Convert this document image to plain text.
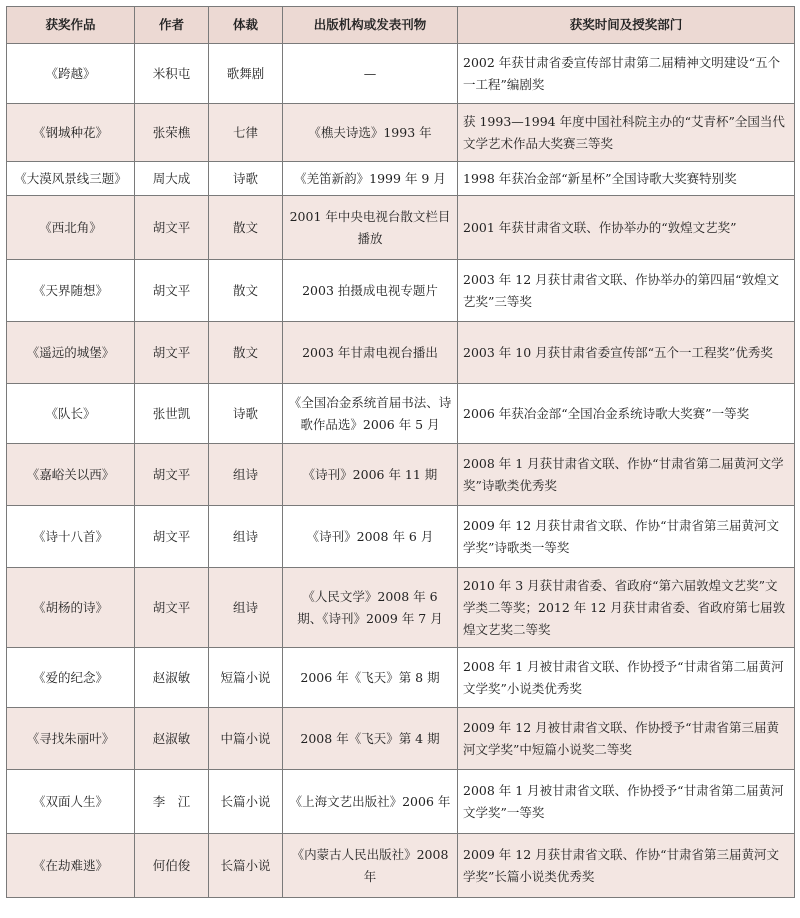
获奖作品	作者	体裁	出版机构或发表刊物	获奖时间及授奖部门
《跨越》	米积屯	歌舞剧	—	2002 年获甘肃省委宣传部甘肃第二届精神文明建设“五个一工程”编剧奖
《钢城种花》	张荣樵	七律	《樵夫诗选》1993 年	获 1993—1994 年度中国社科院主办的“艾青杯”全国当代文学艺术作品大奖赛三等奖
《大漠风景线三题》	周大成	诗歌	《羌笛新韵》1999 年 9 月	1998 年获冶金部“新星杯”全国诗歌大奖赛特别奖
《西北角》	胡文平	散文	2001 年中央电视台散文栏目播放	2001 年获甘肃省文联、作协举办的“敦煌文艺奖”
《天界随想》	胡文平	散文	2003 拍摄成电视专题片	2003 年 12 月获甘肃省文联、作协举办的第四届“敦煌文艺奖”三等奖
《遥远的城堡》	胡文平	散文	2003 年甘肃电视台播出	2003 年 10 月获甘肃省委宣传部“五个一工程奖”优秀奖
《队长》	张世凯	诗歌	《全国冶金系统首届书法、诗歌作品选》2006 年 5 月	2006 年获冶金部“全国冶金系统诗歌大奖赛”一等奖
《嘉峪关以西》	胡文平	组诗	《诗刊》2006 年 11 期	2008 年 1 月获甘肃省文联、作协“甘肃省第二届黄河文学奖”诗歌类优秀奖
《诗十八首》	胡文平	组诗	《诗刊》2008 年 6 月	2009 年 12 月获甘肃省文联、作协“甘肃省第三届黄河文学奖”诗歌类一等奖
《胡杨的诗》	胡文平	组诗	《人民文学》2008 年 6 期、《诗刊》2009 年 7 月	2010 年 3 月获甘肃省委、省政府“第六届敦煌文艺奖”文学类二等奖；2012 年 12 月获甘肃省委、省政府第七届敦煌文艺奖二等奖
《爱的纪念》	赵淑敏	短篇小说	2006 年《飞天》第 8 期	2008 年 1 月被甘肃省文联、作协授予“甘肃省第二届黄河文学奖”小说类优秀奖
《寻找朱丽叶》	赵淑敏	中篇小说	2008 年《飞天》第 4 期	2009 年 12 月被甘肃省文联、作协授予“甘肃省第三届黄河文学奖”中短篇小说奖二等奖
《双面人生》	李　江	长篇小说	《上海文艺出版社》2006 年	2008 年 1 月被甘肃省文联、作协授予“甘肃省第二届黄河文学奖”一等奖
《在劫难逃》	何伯俊	长篇小说	《内蒙古人民出版社》2008 年	2009 年 12 月获甘肃省文联、作协“甘肃省第三届黄河文学奖”长篇小说类优秀奖
